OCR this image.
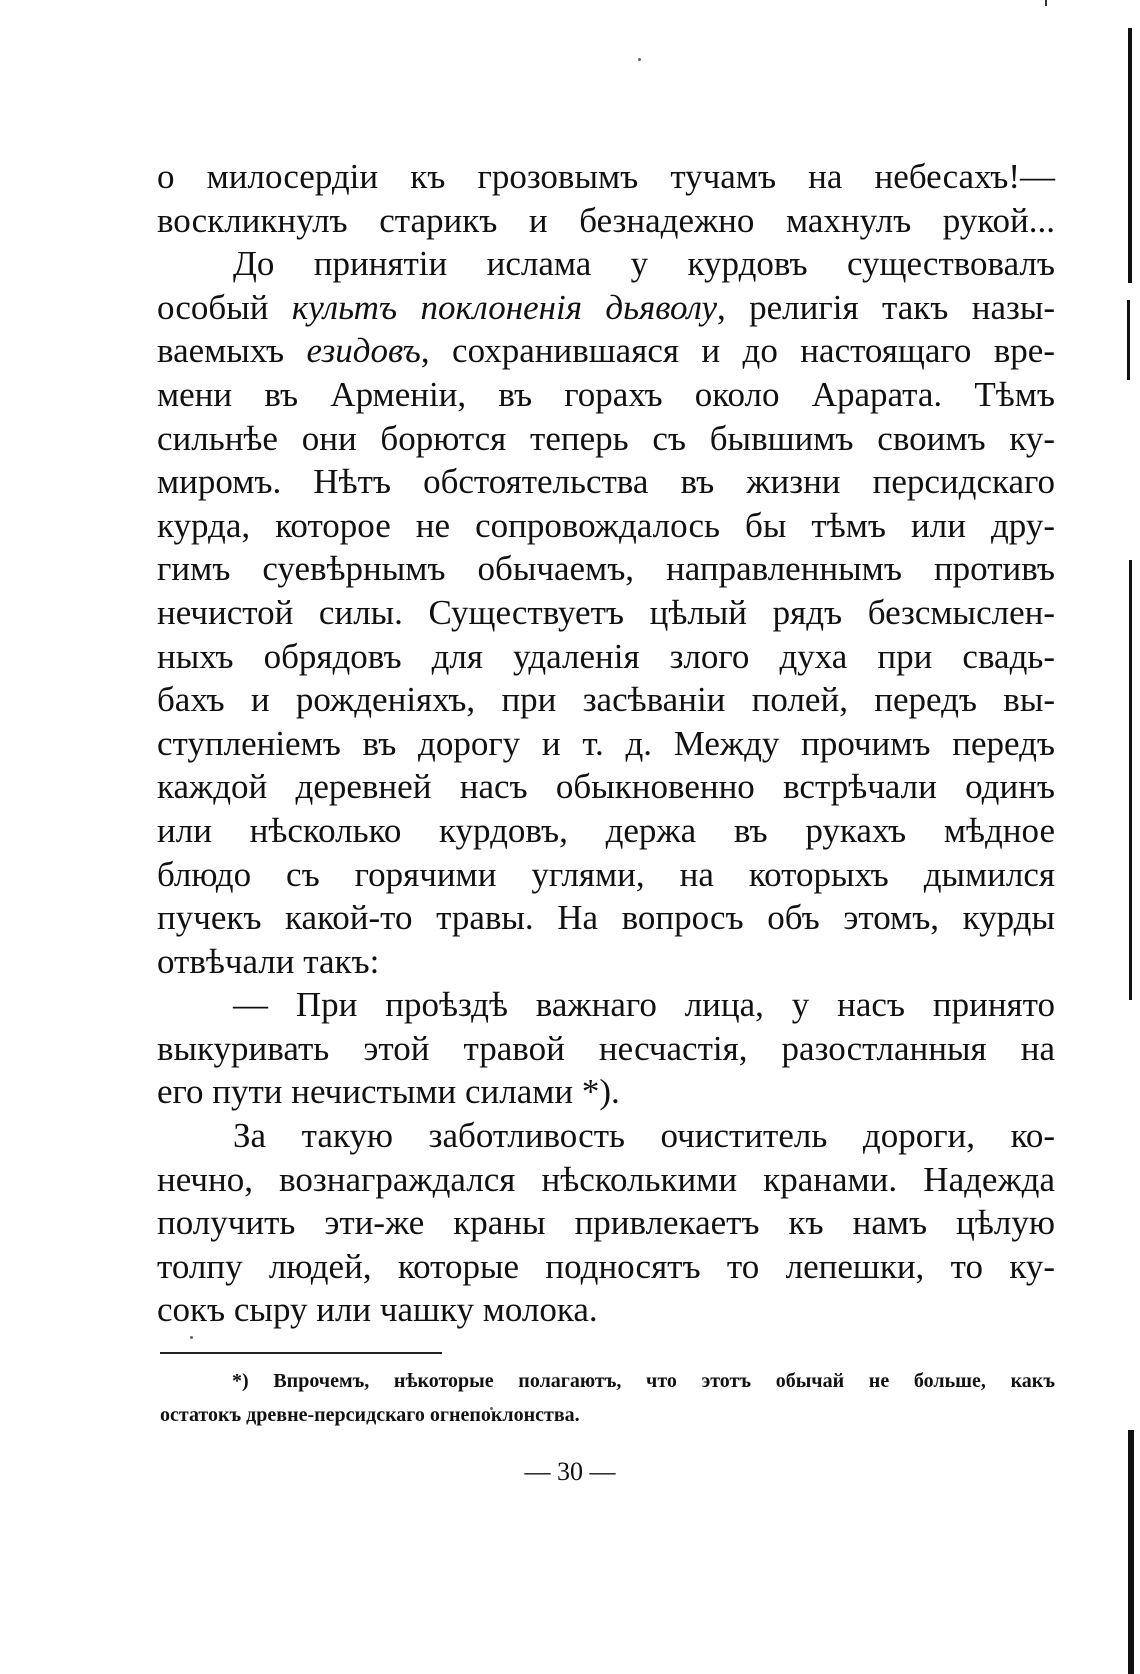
о милосердіи къ грозовымъ тучамъ на небесахъ!—
воскликнулъ старикъ и безнадежно махнулъ рукой...
До принятіи ислама у курдовъ существовалъ
особый культъ поклоненія дьяволу, религія такъ назы-
ваемыхъ езидовъ, сохранившаяся и до настоящаго вре-
мени въ Арменіи, въ горахъ около Арарата. Тѣмъ
сильнѣе они борются теперь съ бывшимъ своимъ ку-
миромъ. Нѣтъ обстоятельства въ жизни персидскаго
курда, которое не сопровождалось бы тѣмъ или дру-
гимъ суевѣрнымъ обычаемъ, направленнымъ противъ
нечистой силы. Существуетъ цѣлый рядъ безсмыслен-
ныхъ обрядовъ для удаленія злого духа при свадь-
бахъ и рожденіяхъ, при засѣваніи полей, передъ вы-
ступленіемъ въ дорогу и т. д. Между прочимъ передъ
каждой деревней насъ обыкновенно встрѣчали одинъ
или нѣсколько курдовъ, держа въ рукахъ мѣдное
блюдо съ горячими углями, на которыхъ дымился
пучекъ какой-то травы. На вопросъ объ этомъ, курды
отвѣчали такъ:
— При проѣздѣ важнаго лица, у насъ принято
выкуривать этой травой несчастія, разостланныя на
его пути нечистыми силами *).
За такую заботливость очиститель дороги, ко-
нечно, вознаграждался нѣсколькими кранами. Надежда
получить эти-же краны привлекаетъ къ намъ цѣлую
толпу людей, которые подносятъ то лепешки, то ку-
сокъ сыру или чашку молока.
*) Впрочемъ, нѣкоторые полагаютъ, что этотъ обычай не больше, какъ
остатокъ древне-персидскаго огнепоклонства.
— 30 —
